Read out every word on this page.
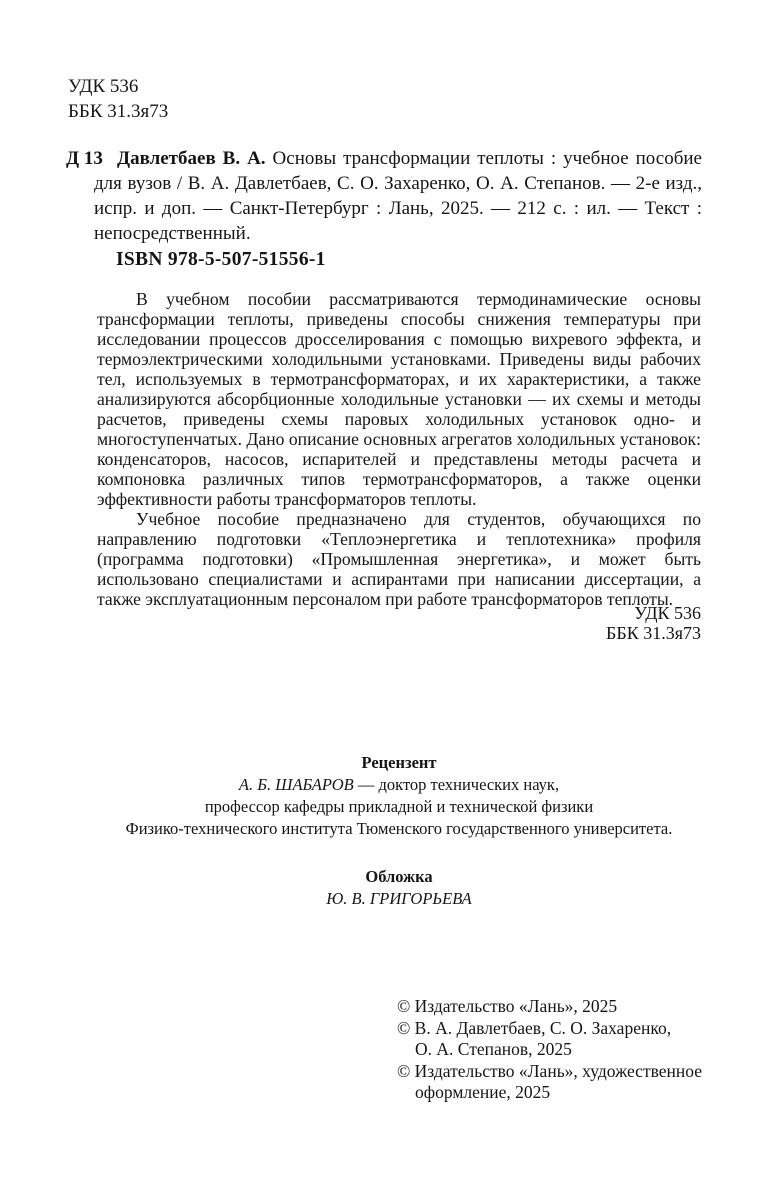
УДК 536
ББК 31.3я73
Д 13 Давлетбаев В. А. Основы трансформации теплоты : учебное пособие для вузов / В. А. Давлетбаев, С. О. Захаренко, О. А. Степанов. — 2-е изд., испр. и доп. — Санкт-Петербург : Лань, 2025. — 212 с. : ил. — Текст : непосредственный.

ISBN 978-5-507-51556-1

В учебном пособии рассматриваются термодинамические основы трансформации теплоты, приведены способы снижения температуры при исследовании процессов дросселирования с помощью вихревого эффекта, и термоэлектрическими холодильными установками. Приведены виды рабочих тел, используемых в термотрансформаторах, и их характеристики, а также анализируются абсорбционные холодильные установки — их схемы и методы расчетов, приведены схемы паровых холодильных установок одно- и многоступенчатых. Дано описание основных агрегатов холодильных установок: конденсаторов, насосов, испарителей и представлены методы расчета и компоновка различных типов термотрансформаторов, а также оценки эффективности работы трансформаторов теплоты.

Учебное пособие предназначено для студентов, обучающихся по направлению подготовки «Теплоэнергетика и теплотехника» профиля (программа подготовки) «Промышленная энергетика», и может быть использовано специалистами и аспирантами при написании диссертации, а также эксплуатационным персоналом при работе трансформаторов теплоты.

УДК 536
ББК 31.3я73
Рецензент
А. Б. ШАБАРОВ — доктор технических наук,
профессор кафедры прикладной и технической физики
Физико-технического института Тюменского государственного университета.
Обложка
Ю. В. ГРИГОРЬЕВА
© Издательство «Лань», 2025
© В. А. Давлетбаев, С. О. Захаренко,
О. А. Степанов, 2025
© Издательство «Лань», художественное
оформление, 2025
